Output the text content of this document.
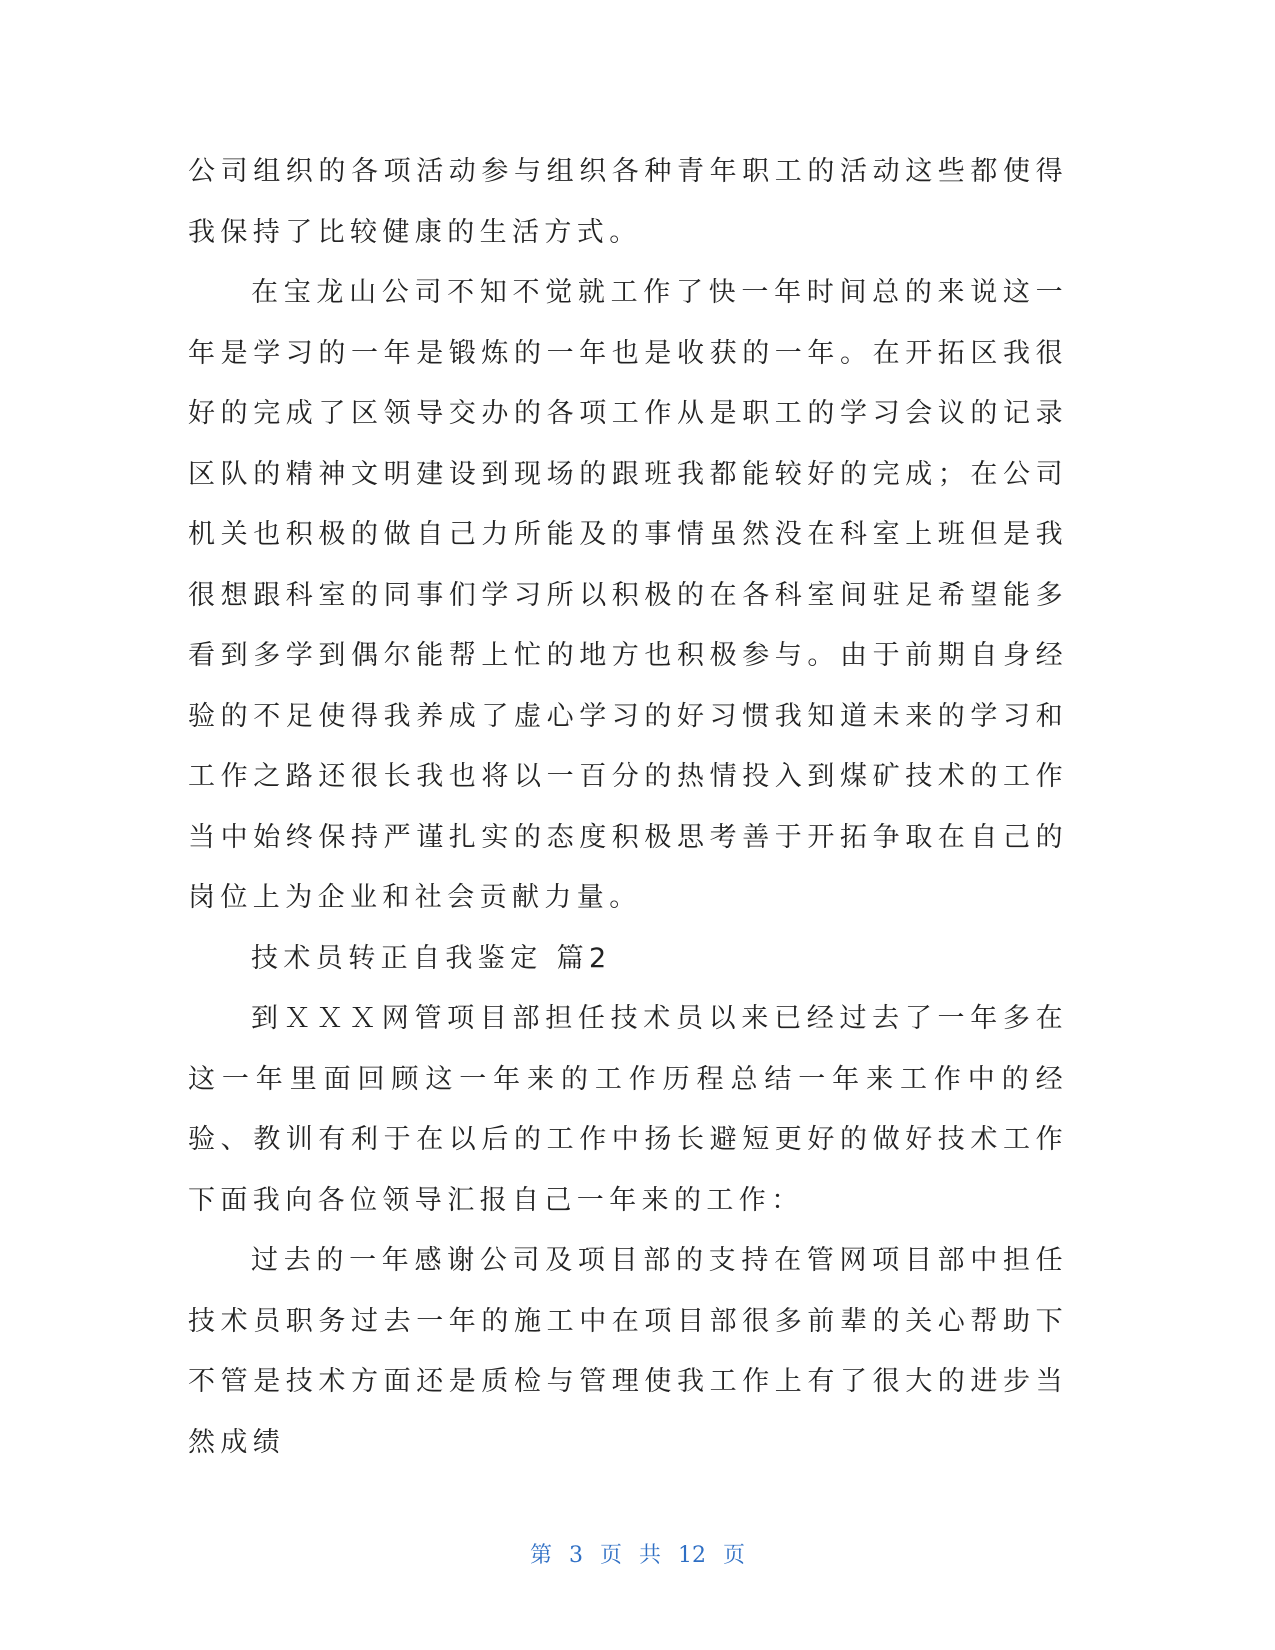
公司组织的各项活动参与组织各种青年职工的活动这些都使得我保持了比较健康的生活方式。

在宝龙山公司不知不觉就工作了快一年时间总的来说这一年是学习的一年是锻炼的一年也是收获的一年。在开拓区我很好的完成了区领导交办的各项工作从是职工的学习会议的记录区队的精神文明建设到现场的跟班我都能较好的完成；在公司机关也积极的做自己力所能及的事情虽然没在科室上班但是我很想跟科室的同事们学习所以积极的在各科室间驻足希望能多看到多学到偶尔能帮上忙的地方也积极参与。由于前期自身经验的不足使得我养成了虚心学习的好习惯我知道未来的学习和工作之路还很长我也将以一百分的热情投入到煤矿技术的工作当中始终保持严谨扎实的态度积极思考善于开拓争取在自己的岗位上为企业和社会贡献力量。

技术员转正自我鉴定 篇2

到ＸＸＸ网管项目部担任技术员以来已经过去了一年多在这一年里面回顾这一年来的工作历程总结一年来工作中的经验、教训有利于在以后的工作中扬长避短更好的做好技术工作下面我向各位领导汇报自己一年来的工作：

过去的一年感谢公司及项目部的支持在管网项目部中担任技术员职务过去一年的施工中在项目部很多前辈的关心帮助下不管是技术方面还是质检与管理使我工作上有了很大的进步当然成绩

第 3 页 共 12 页
